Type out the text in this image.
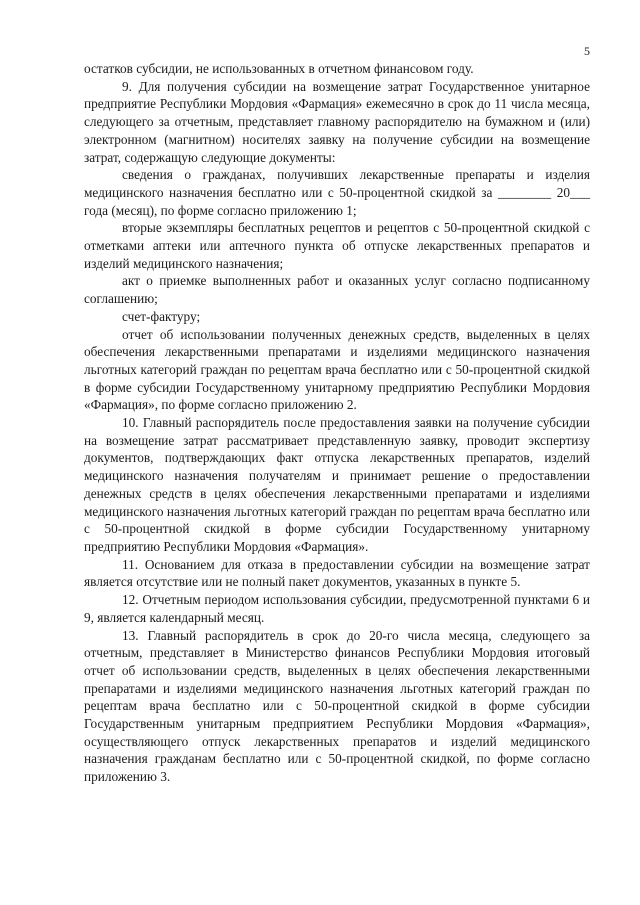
5

остатков субсидии, не использованных в отчетном финансовом году.

9. Для получения субсидии на возмещение затрат Государственное унитарное предприятие Республики Мордовия «Фармация» ежемесячно в срок до 11 числа месяца, следующего за отчетным, представляет главному распорядителю на бумажном и (или) электронном (магнитном) носителях заявку на получение субсидии на возмещение затрат, содержащую следующие документы:

сведения о гражданах, получивших лекарственные препараты и изделия медицинского назначения бесплатно или с 50-процентной скидкой за ________ 20___ года (месяц), по форме согласно приложению 1;

вторые экземпляры бесплатных рецептов и рецептов с 50-процентной скидкой с отметками аптеки или аптечного пункта об отпуске лекарственных препаратов и изделий медицинского назначения;

акт о приемке выполненных работ и оказанных услуг согласно подписанному соглашению;

счет-фактуру;

отчет об использовании полученных денежных средств, выделенных в целях обеспечения лекарственными препаратами и изделиями медицинского назначения льготных категорий граждан по рецептам врача бесплатно или с 50-процентной скидкой в форме субсидии Государственному унитарному предприятию Республики Мордовия «Фармация», по форме согласно приложению 2.

10. Главный распорядитель после предоставления заявки на получение субсидии на возмещение затрат рассматривает представленную заявку, проводит экспертизу документов, подтверждающих факт отпуска лекарственных препаратов, изделий медицинского назначения получателям и принимает решение о предоставлении денежных средств в целях обеспечения лекарственными препаратами и изделиями медицинского назначения льготных категорий граждан по рецептам врача бесплатно или с 50-процентной скидкой в форме субсидии Государственному унитарному предприятию Республики Мордовия «Фармация».

11. Основанием для отказа в предоставлении субсидии на возмещение затрат является отсутствие или не полный пакет документов, указанных в пункте 5.

12. Отчетным периодом использования субсидии, предусмотренной пунктами 6 и 9, является календарный месяц.

13. Главный распорядитель в срок до 20-го числа месяца, следующего за отчетным, представляет в Министерство финансов Республики Мордовия итоговый отчет об использовании средств, выделенных в целях обеспечения лекарственными препаратами и изделиями медицинского назначения льготных категорий граждан по рецептам врача бесплатно или с 50-процентной скидкой в форме субсидии Государственным унитарным предприятием Республики Мордовия «Фармация», осуществляющего отпуск лекарственных препаратов и изделий медицинского назначения гражданам бесплатно или с 50-процентной скидкой, по форме согласно приложению 3.
